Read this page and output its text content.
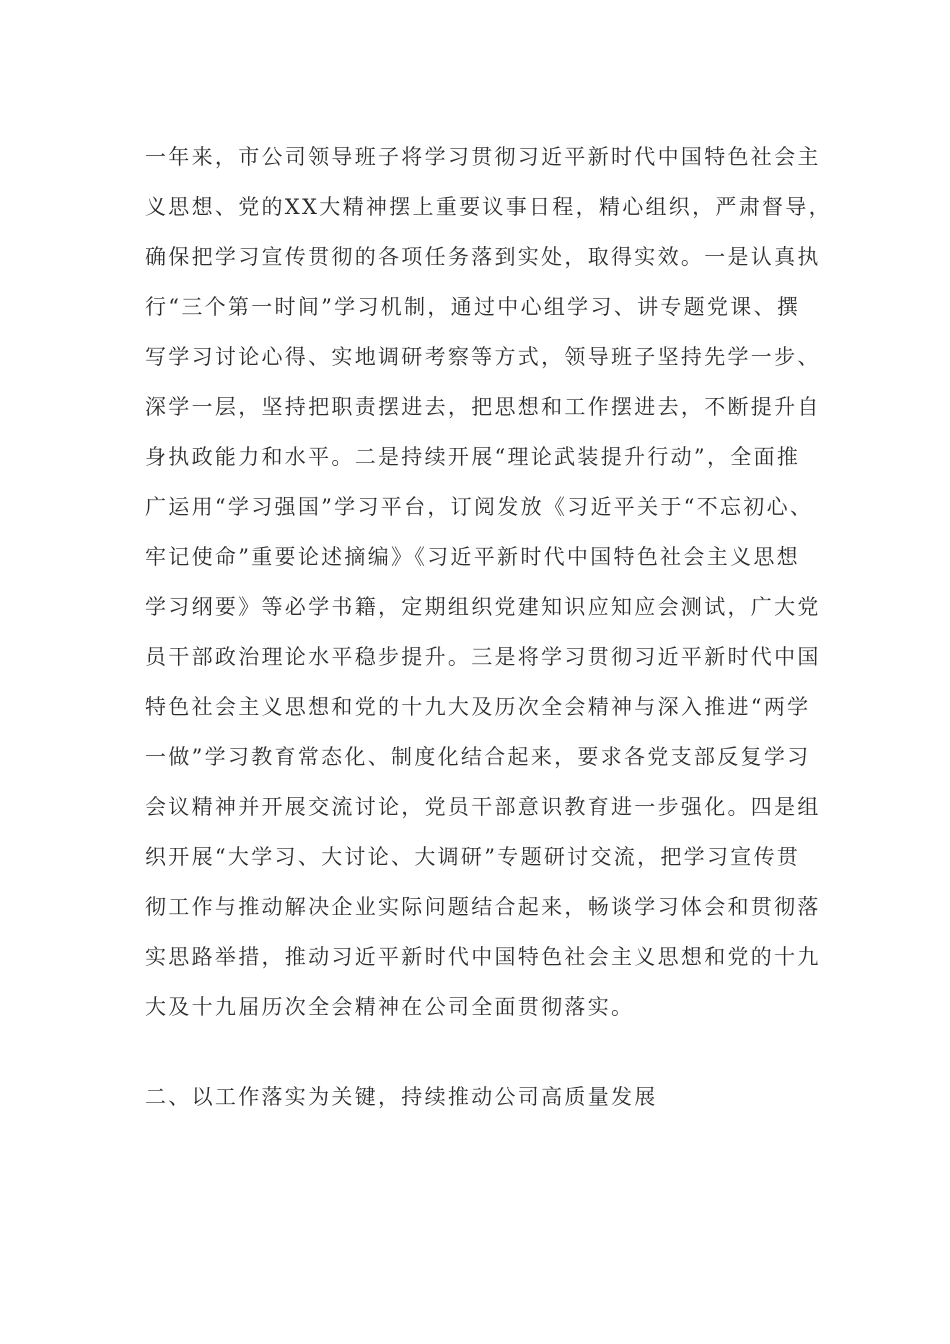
一年来，市公司领导班子将学习贯彻习近平新时代中国特色社会主
义思想、党的XX大精神摆上重要议事日程，精心组织，严肃督导，
确保把学习宣传贯彻的各项任务落到实处，取得实效。一是认真执
行“三个第一时间”学习机制，通过中心组学习、讲专题党课、撰
写学习讨论心得、实地调研考察等方式，领导班子坚持先学一步、
深学一层，坚持把职责摆进去，把思想和工作摆进去，不断提升自
身执政能力和水平。二是持续开展“理论武装提升行动”，全面推
广运用“学习强国”学习平台，订阅发放《习近平关于“不忘初心、
牢记使命”重要论述摘编》《习近平新时代中国特色社会主义思想
学习纲要》等必学书籍，定期组织党建知识应知应会测试，广大党
员干部政治理论水平稳步提升。三是将学习贯彻习近平新时代中国
特色社会主义思想和党的十九大及历次全会精神与深入推进“两学
一做”学习教育常态化、制度化结合起来，要求各党支部反复学习
会议精神并开展交流讨论，党员干部意识教育进一步强化。四是组
织开展“大学习、大讨论、大调研”专题研讨交流，把学习宣传贯
彻工作与推动解决企业实际问题结合起来，畅谈学习体会和贯彻落
实思路举措，推动习近平新时代中国特色社会主义思想和党的十九
大及十九届历次全会精神在公司全面贯彻落实。
二、以工作落实为关键，持续推动公司高质量发展
